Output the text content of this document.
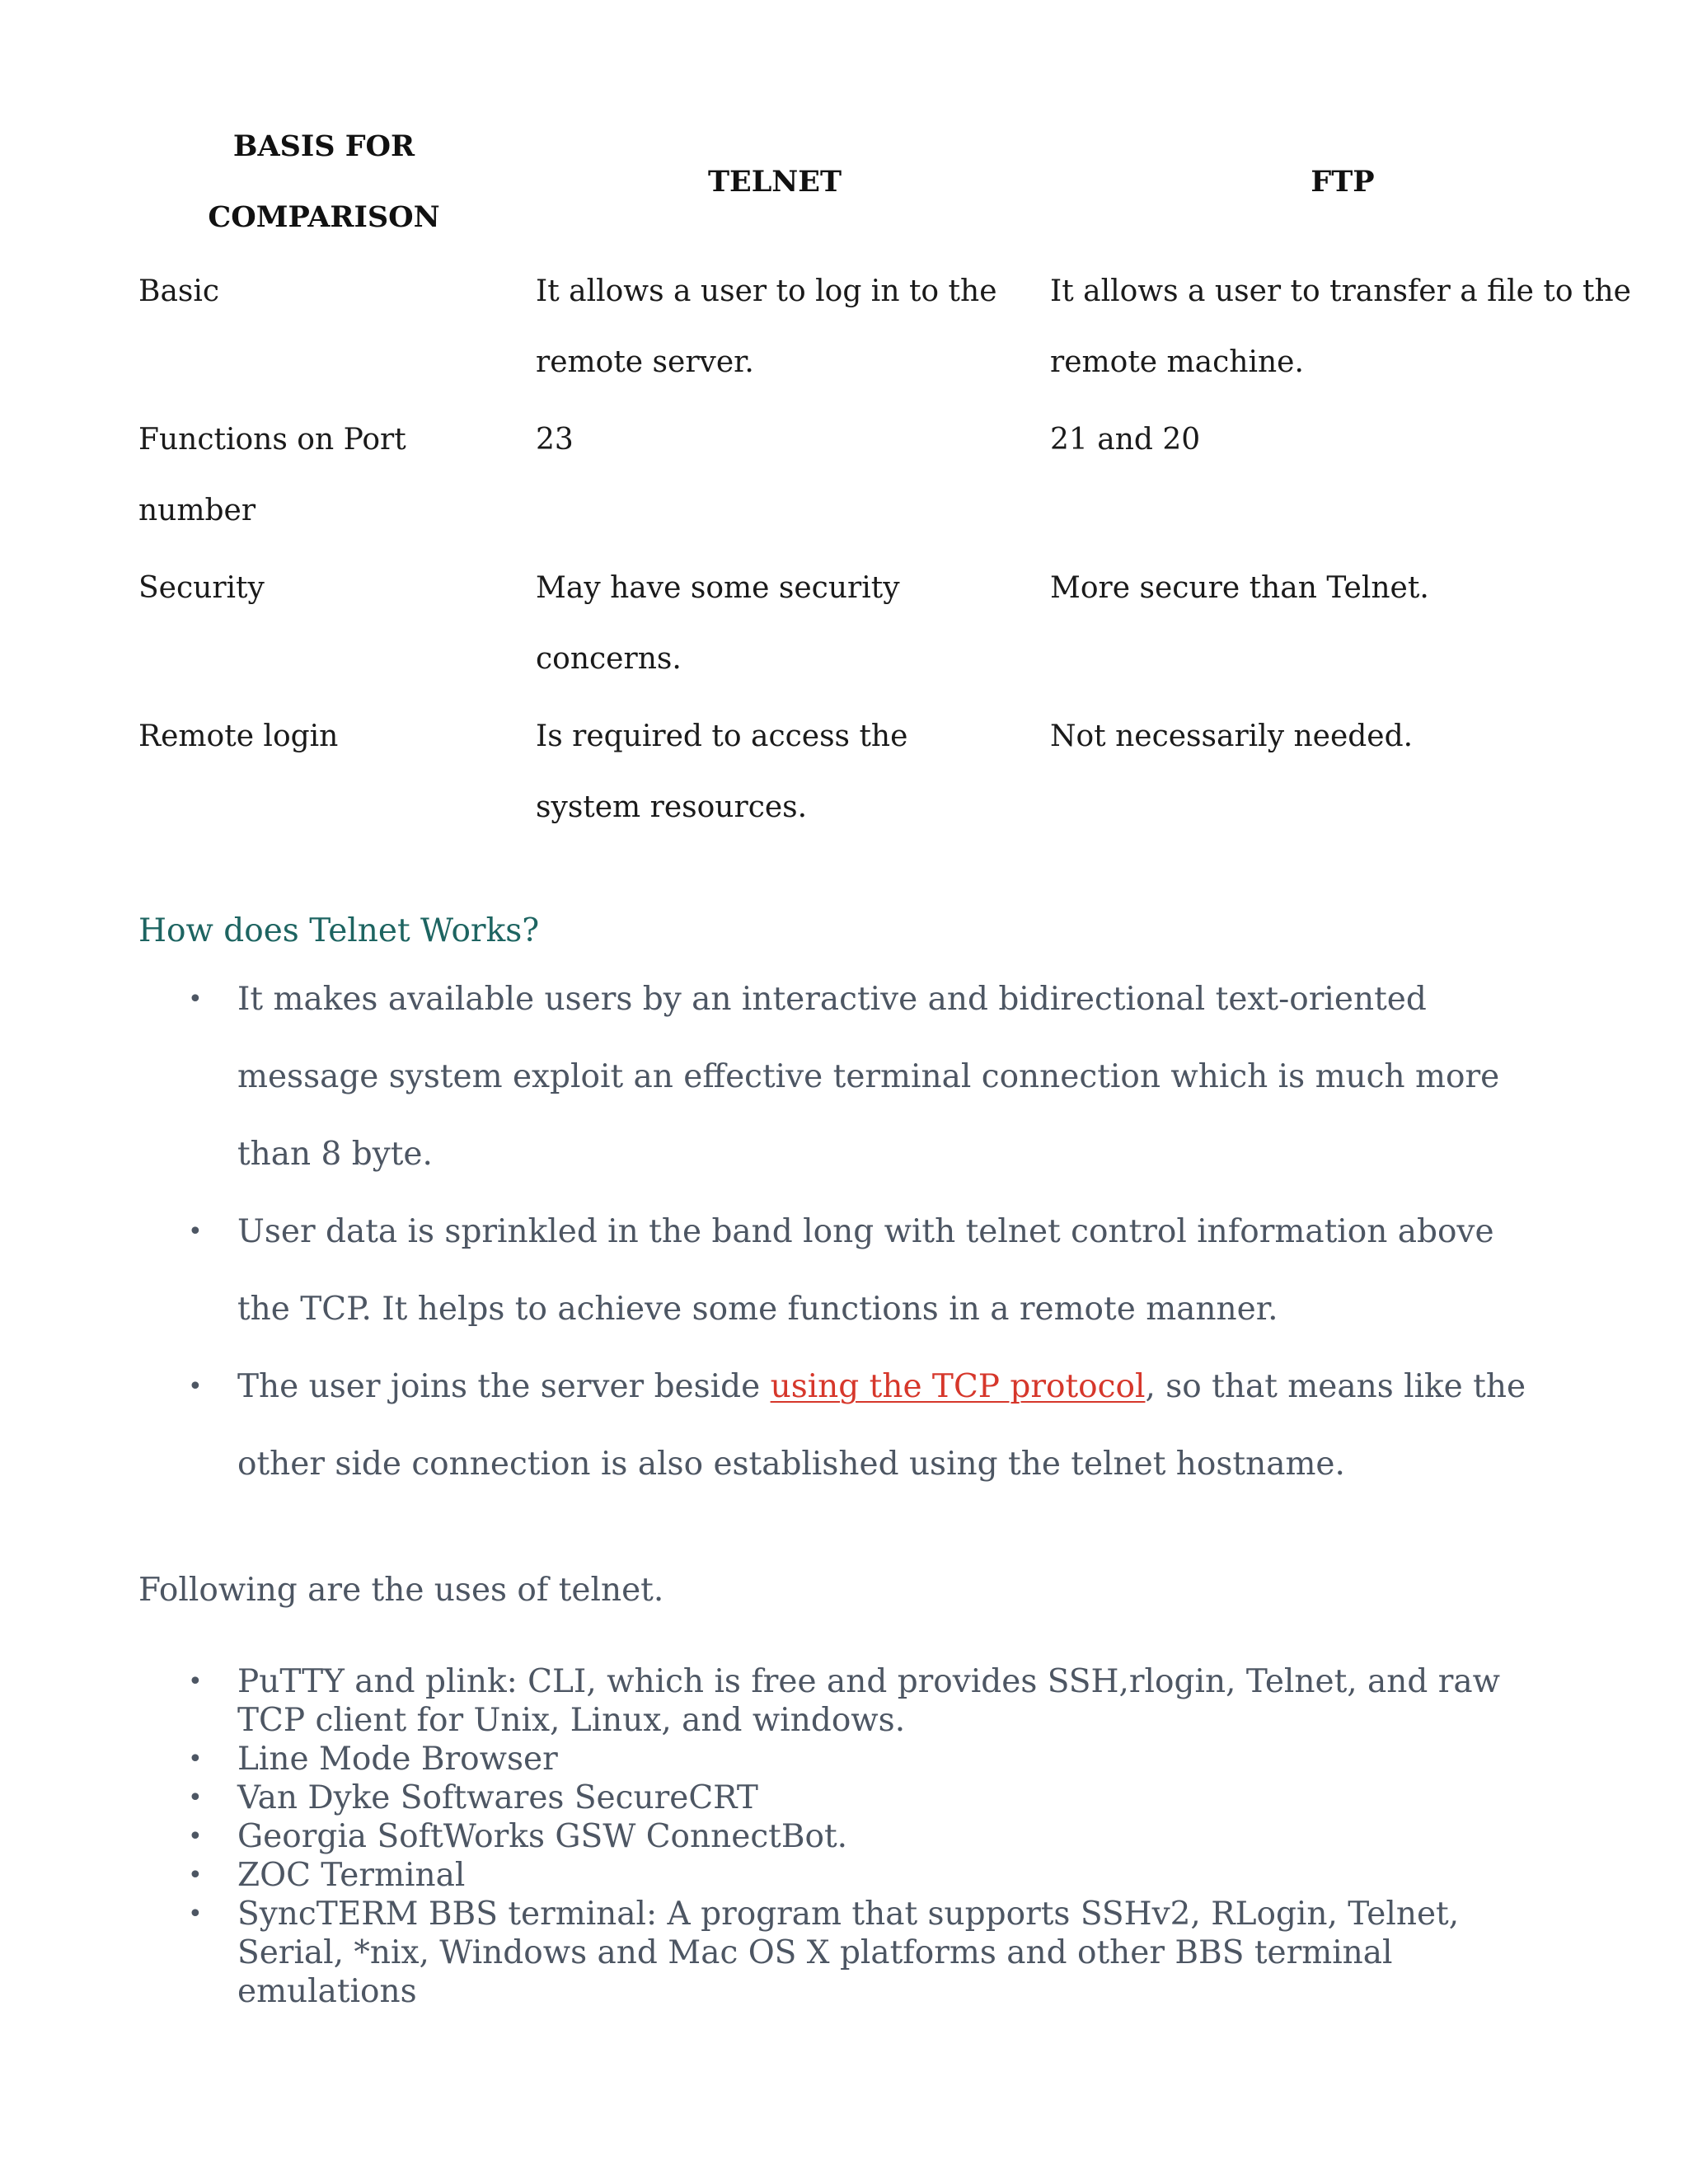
BASIS FOR
COMPARISON	TELNET	FTP
Basic	It allows a user to log in to the remote server.	It allows a user to transfer a file to the remote machine.
Functions on Port number	23	21 and 20
Security	May have some security concerns.	More secure than Telnet.
Remote login	Is required to access the system resources.	Not necessarily needed.
How does Telnet Works?
• It makes available users by an interactive and bidirectional text-oriented message system exploit an effective terminal connection which is much more than 8 byte.
• User data is sprinkled in the band long with telnet control information above the TCP. It helps to achieve some functions in a remote manner.
• The user joins the server beside using the TCP protocol, so that means like the other side connection is also established using the telnet hostname.

Following are the uses of telnet.

• PuTTY and plink: CLI, which is free and provides SSH,rlogin, Telnet, and raw TCP client for Unix, Linux, and windows.
• Line Mode Browser
• Van Dyke Softwares SecureCRT
• Georgia SoftWorks GSW ConnectBot.
• ZOC Terminal
• SyncTERM BBS terminal: A program that supports SSHv2, RLogin, Telnet, Serial, *nix, Windows and Mac OS X platforms and other BBS terminal emulations
